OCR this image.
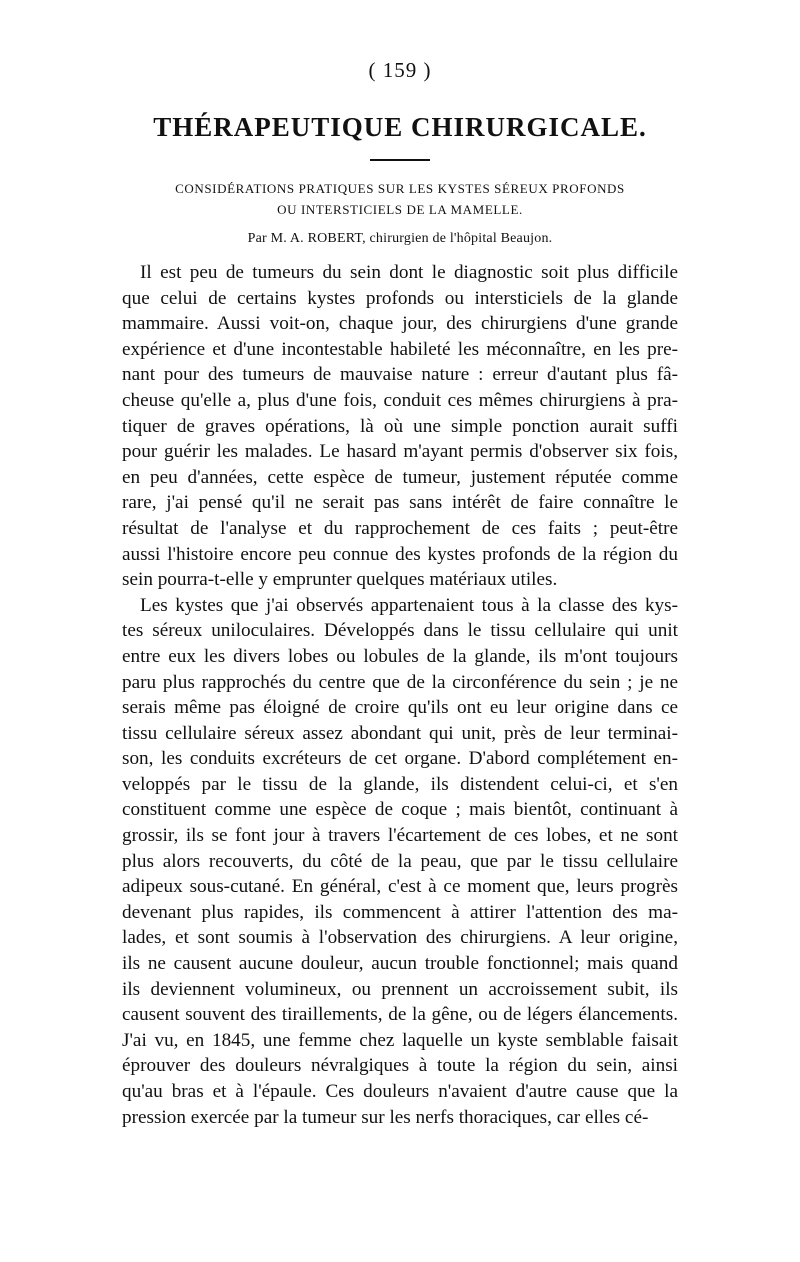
( 159 )
THÉRAPEUTIQUE CHIRURGICALE.
CONSIDÉRATIONS PRATIQUES SUR LES KYSTES SÉREUX PROFONDS
OU INTERSTICIELS DE LA MAMELLE.
Par M. A. ROBERT, chirurgien de l'hôpital Beaujon.
Il est peu de tumeurs du sein dont le diagnostic soit plus difficile
que celui de certains kystes profonds ou intersticiels de la glande
mammaire. Aussi voit-on, chaque jour, des chirurgiens d'une grande
expérience et d'une incontestable habileté les méconnaître, en les pre-
nant pour des tumeurs de mauvaise nature : erreur d'autant plus fâ-
cheuse qu'elle a, plus d'une fois, conduit ces mêmes chirurgiens à pra-
tiquer de graves opérations, là où une simple ponction aurait suffi
pour guérir les malades. Le hasard m'ayant permis d'observer six fois,
en peu d'années, cette espèce de tumeur, justement réputée comme
rare, j'ai pensé qu'il ne serait pas sans intérêt de faire connaître le
résultat de l'analyse et du rapprochement de ces faits ; peut-être
aussi l'histoire encore peu connue des kystes profonds de la région du
sein pourra-t-elle y emprunter quelques matériaux utiles.
Les kystes que j'ai observés appartenaient tous à la classe des kys-
tes séreux uniloculaires. Développés dans le tissu cellulaire qui unit
entre eux les divers lobes ou lobules de la glande, ils m'ont toujours
paru plus rapprochés du centre que de la circonférence du sein ; je ne
serais même pas éloigné de croire qu'ils ont eu leur origine dans ce
tissu cellulaire séreux assez abondant qui unit, près de leur terminai-
son, les conduits excréteurs de cet organe. D'abord complétement en-
veloppés par le tissu de la glande, ils distendent celui-ci, et s'en
constituent comme une espèce de coque ; mais bientôt, continuant à
grossir, ils se font jour à travers l'écartement de ces lobes, et ne sont
plus alors recouverts, du côté de la peau, que par le tissu cellulaire
adipeux sous-cutané. En général, c'est à ce moment que, leurs progrès
devenant plus rapides, ils commencent à attirer l'attention des ma-
lades, et sont soumis à l'observation des chirurgiens. A leur origine,
ils ne causent aucune douleur, aucun trouble fonctionnel; mais quand
ils deviennent volumineux, ou prennent un accroissement subit, ils
causent souvent des tiraillements, de la gêne, ou de légers élancements.
J'ai vu, en 1845, une femme chez laquelle un kyste semblable faisait
éprouver des douleurs névralgiques à toute la région du sein, ainsi
qu'au bras et à l'épaule. Ces douleurs n'avaient d'autre cause que la
pression exercée par la tumeur sur les nerfs thoraciques, car elles cé-
